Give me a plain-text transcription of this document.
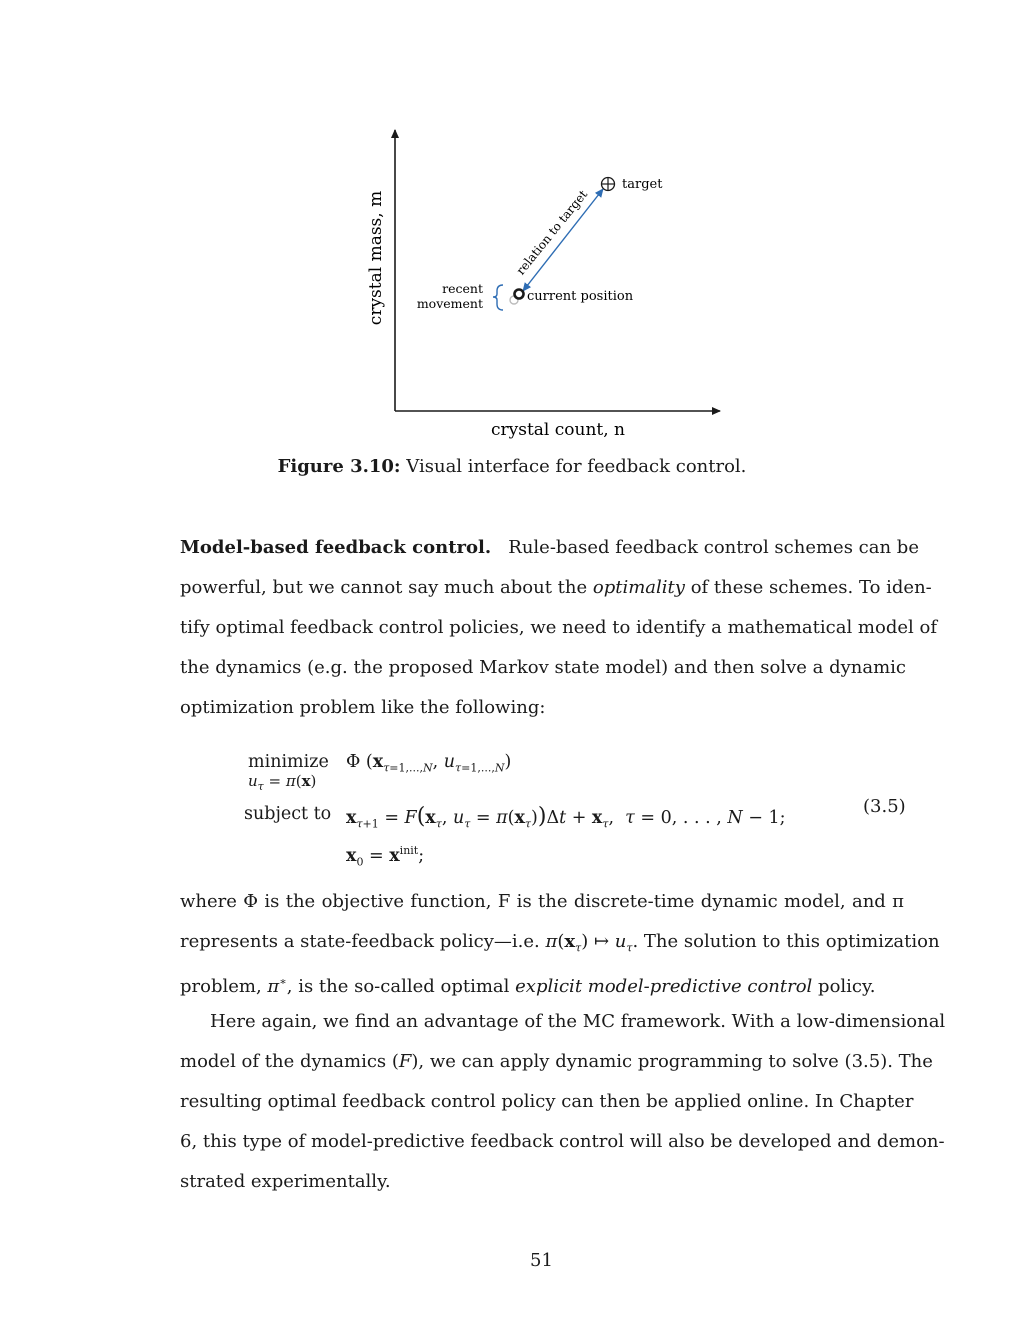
target
current position
recent
movement
relation to target
crystal mass, m
crystal count, n
Figure 3.10: Visual interface for feedback control.
Model-based feedback control. Rule-based feedback control schemes can be
powerful, but we cannot say much about the optimality of these schemes. To iden-
tify optimal feedback control policies, we need to identify a mathematical model of
the dynamics (e.g. the proposed Markov state model) and then solve a dynamic
optimization problem like the following:
minimize
$u_\tau = \pi(x)$
Φ ($x_{\tau=1,...,N}$, $u_{\tau=1,...,N}$)
subject to $x_{\tau+1} = F(x_\tau$, $u_\tau = \pi(x_\tau))\Delta t + x_\tau$,  τ = 0, . . . , N − 1;
(3.5)
$x_0 = x^{init}$;
where Φ is the objective function, F is the discrete-time dynamic model, and π
represents a state-feedback policy—i.e. $\pi(x_\tau)$ ↦ $u_\tau$. The solution to this optimization
problem, π∗, is the so-called optimal explicit model-predictive control policy.
Here again, we find an advantage of the MC framework. With a low-dimensional
model of the dynamics (F), we can apply dynamic programming to solve (3.5). The
resulting optimal feedback control policy can then be applied online. In Chapter
6, this type of model-predictive feedback control will also be developed and demon-
strated experimentally.
51
